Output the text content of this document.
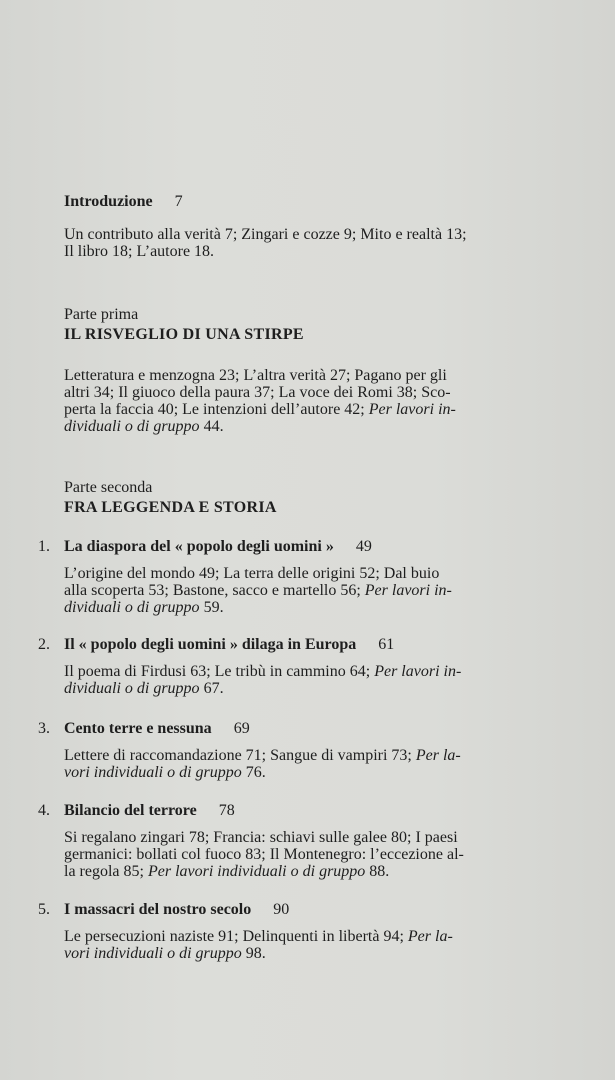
Introduzione 7
Un contributo alla verità 7; Zingari e cozze 9; Mito e realtà 13;
Il libro 18; L’autore 18.
Parte prima
IL RISVEGLIO DI UNA STIRPE
Letteratura e menzogna 23; L’altra verità 27; Pagano per gli
altri 34; Il giuoco della paura 37; La voce dei Romi 38; Sco-
perta la faccia 40; Le intenzioni dell’autore 42; Per lavori in-
dividuali o di gruppo 44.
Parte seconda
FRA LEGGENDA E STORIA
1. La diaspora del « popolo degli uomini » 49
L’origine del mondo 49; La terra delle origini 52; Dal buio
alla scoperta 53; Bastone, sacco e martello 56; Per lavori in-
dividuali o di gruppo 59.
2. Il « popolo degli uomini » dilaga in Europa 61
Il poema di Firdusi 63; Le tribù in cammino 64; Per lavori in-
dividuali o di gruppo 67.
3. Cento terre e nessuna 69
Lettere di raccomandazione 71; Sangue di vampiri 73; Per la-
vori individuali o di gruppo 76.
4. Bilancio del terrore 78
Si regalano zingari 78; Francia: schiavi sulle galee 80; I paesi
germanici: bollati col fuoco 83; Il Montenegro: l’eccezione al-
la regola 85; Per lavori individuali o di gruppo 88.
5. I massacri del nostro secolo 90
Le persecuzioni naziste 91; Delinquenti in libertà 94; Per la-
vori individuali o di gruppo 98.
